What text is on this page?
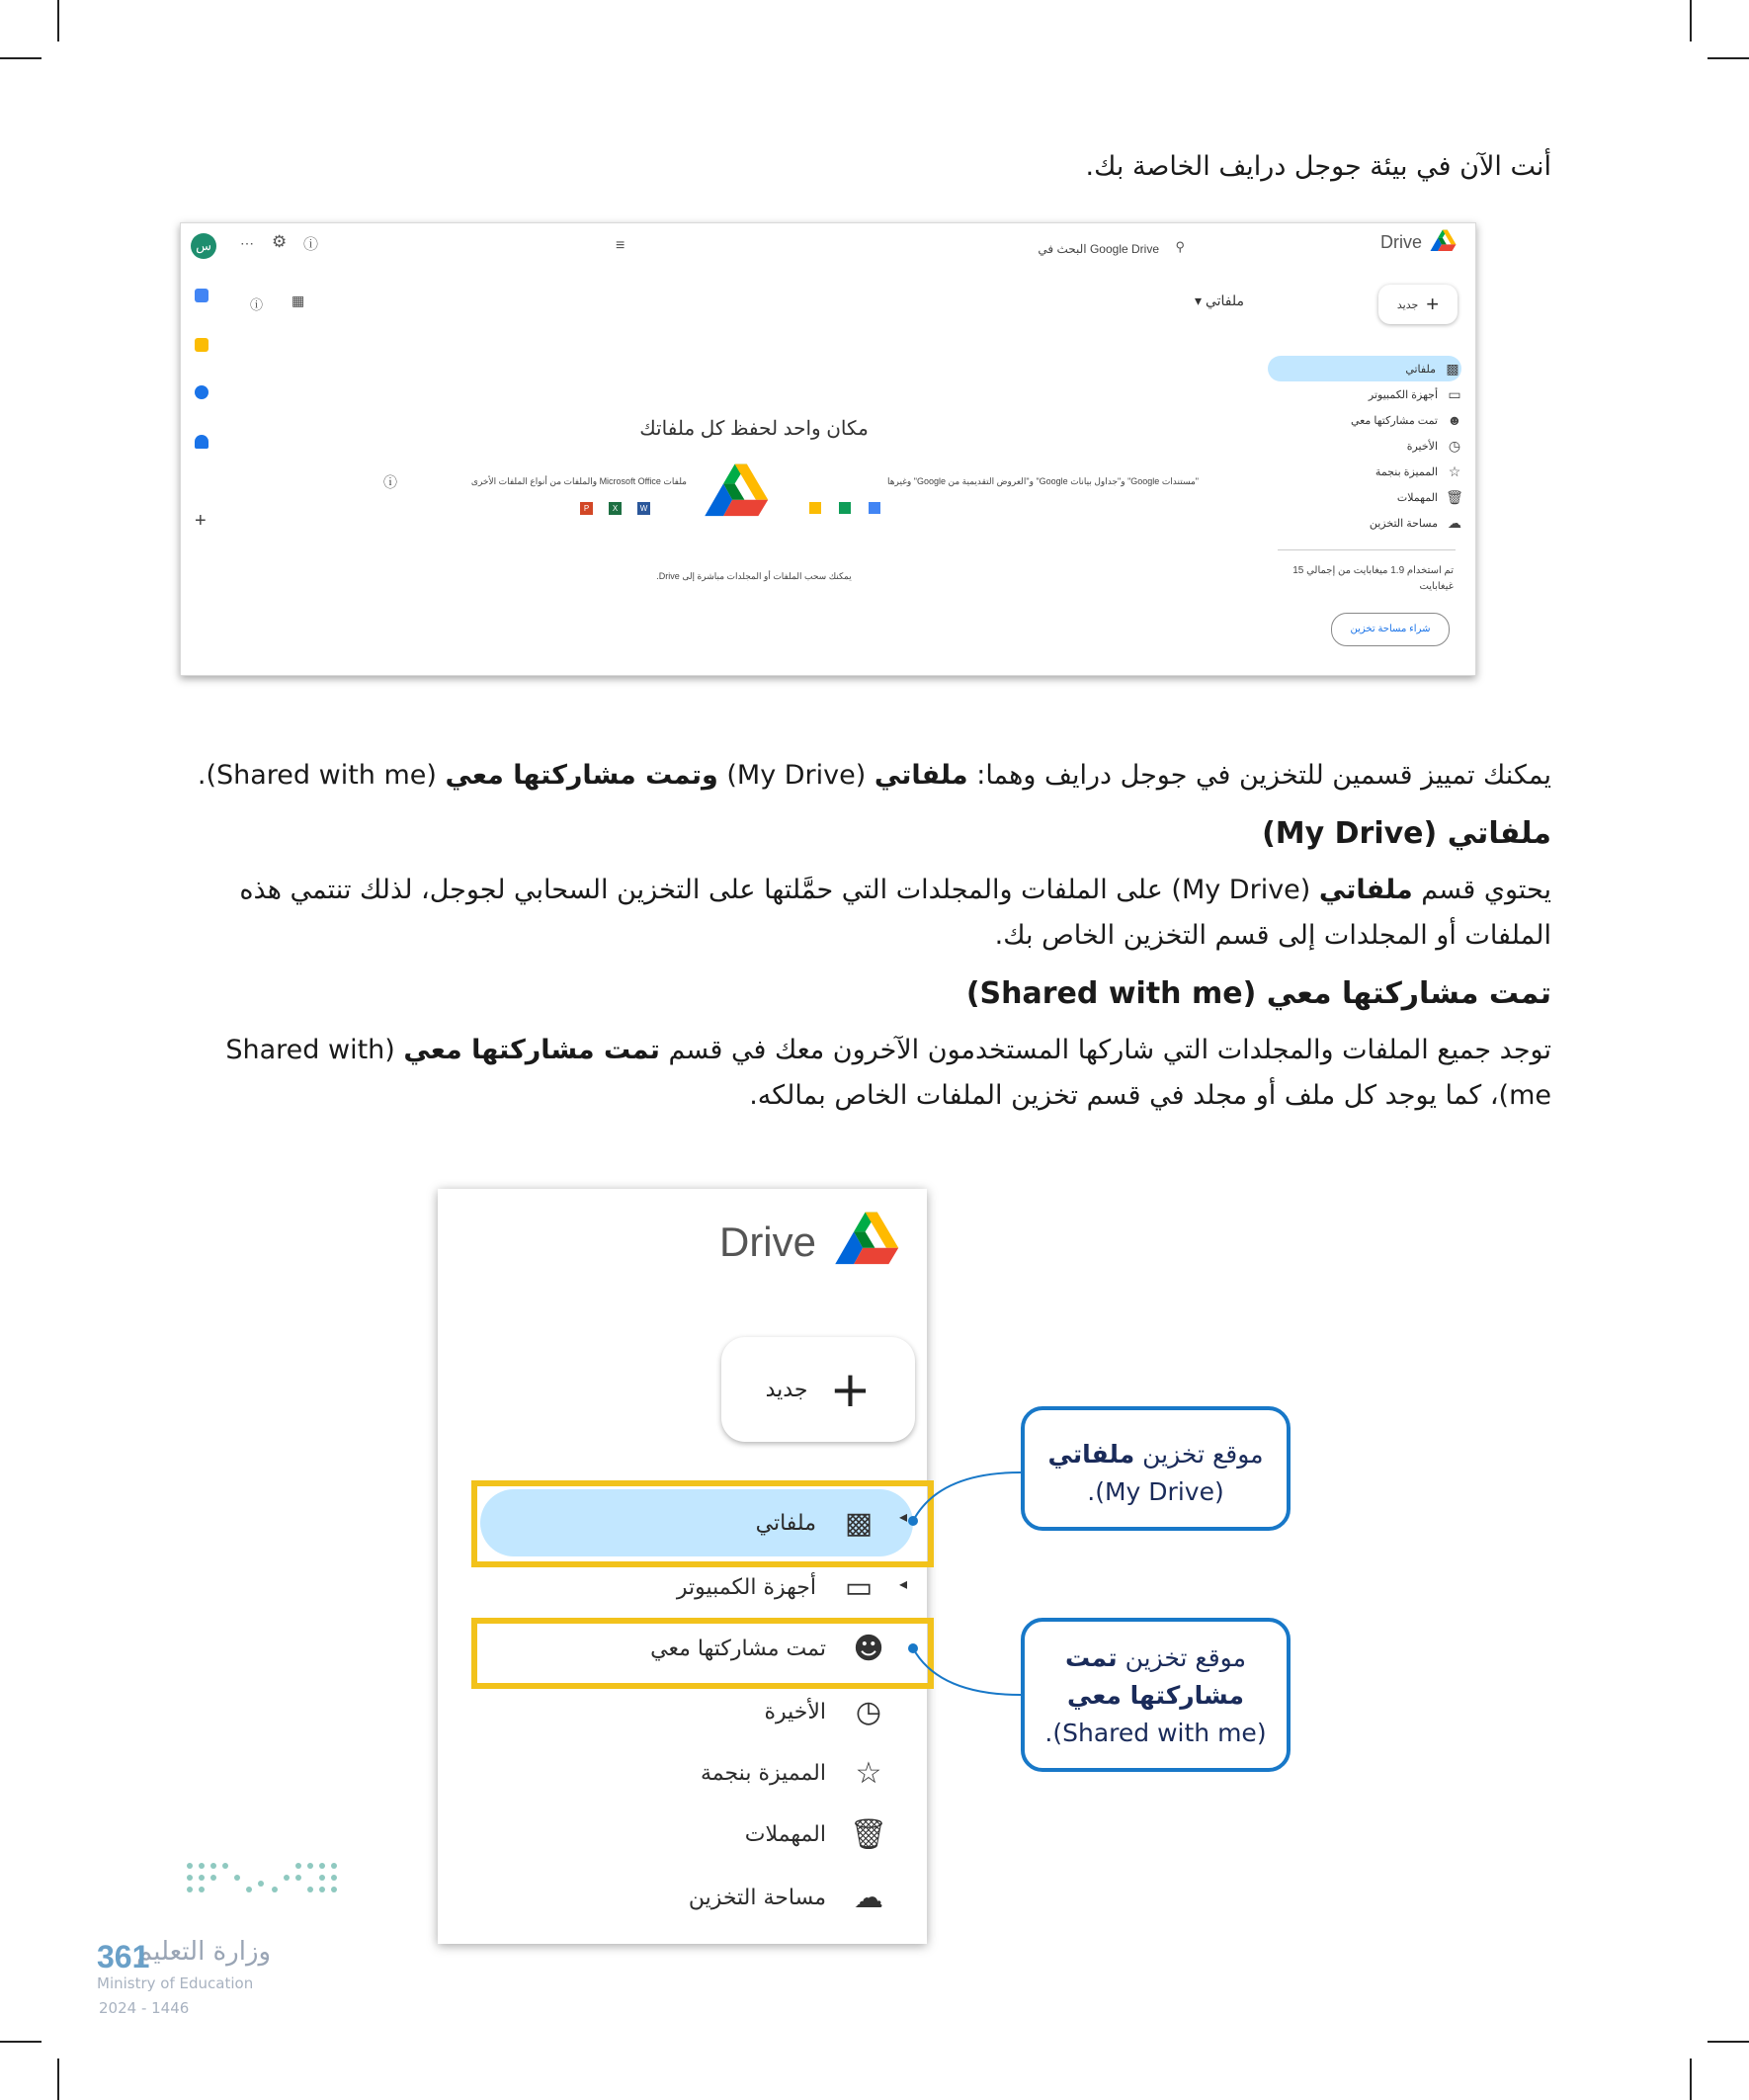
أنت الآن في بيئة جوجل درايف الخاصة بك.
Drive
⚲
البحث في Google Drive
≡
س	⋯ ⚙ ⓘ
+
ⓘ ▦	+
جديد
ملفاتي ▾
▩
ملفاتي
▭
أجهزة الكمبيوتر
☻
تمت مشاركتها معي
◷
الأخيرة
☆
المميزة بنجمة
🗑
المهملات
☁
مساحة التخزين
تم استخدام 1.9 ميغابايت من إجمالي 15 غيغابايت
شراء مساحة تخزين
مكان واحد لحفظ كل ملفاتك
"مستندات Google" و"جداول بيانات Google" و"العروض التقديمية من Google" وغيرها
ملفات Microsoft Office والملفات من أنواع الملفات الأخرى
ⓘ
P	X	W
يمكنك سحب الملفات أو المجلدات مباشرة إلى Drive.
يمكنك تمييز قسمين للتخزين في جوجل درايف وهما: ملفاتي (My Drive) وتمت مشاركتها معي (Shared with me).
ملفاتي (My Drive)
يحتوي قسم ملفاتي (My Drive) على الملفات والمجلدات التي حمَّلتها على التخزين السحابي لجوجل، لذلك تنتمي هذه الملفات أو المجلدات إلى قسم التخزين الخاص بك.
تمت مشاركتها معي (Shared with me)
توجد جميع الملفات والمجلدات التي شاركها المستخدمون الآخرون معك في قسم تمت مشاركتها معي (Shared with me)، كما يوجد كل ملف أو مجلد في قسم تخزين الملفات الخاص بمالكه.
Drive
+
جديد
◂
▩
ملفاتي
◂
▭
أجهزة الكمبيوتر
☻
تمت مشاركتها معي
◷
الأخيرة
☆
المميزة بنجمة
🗑
المهملات
☁
مساحة التخزين
موقع تخزين ملفاتي
(My Drive).
موقع تخزين تمت
مشاركتها معي
(Shared with me).
وزارة التعليم
361
Ministry of Education
2024 - 1446
